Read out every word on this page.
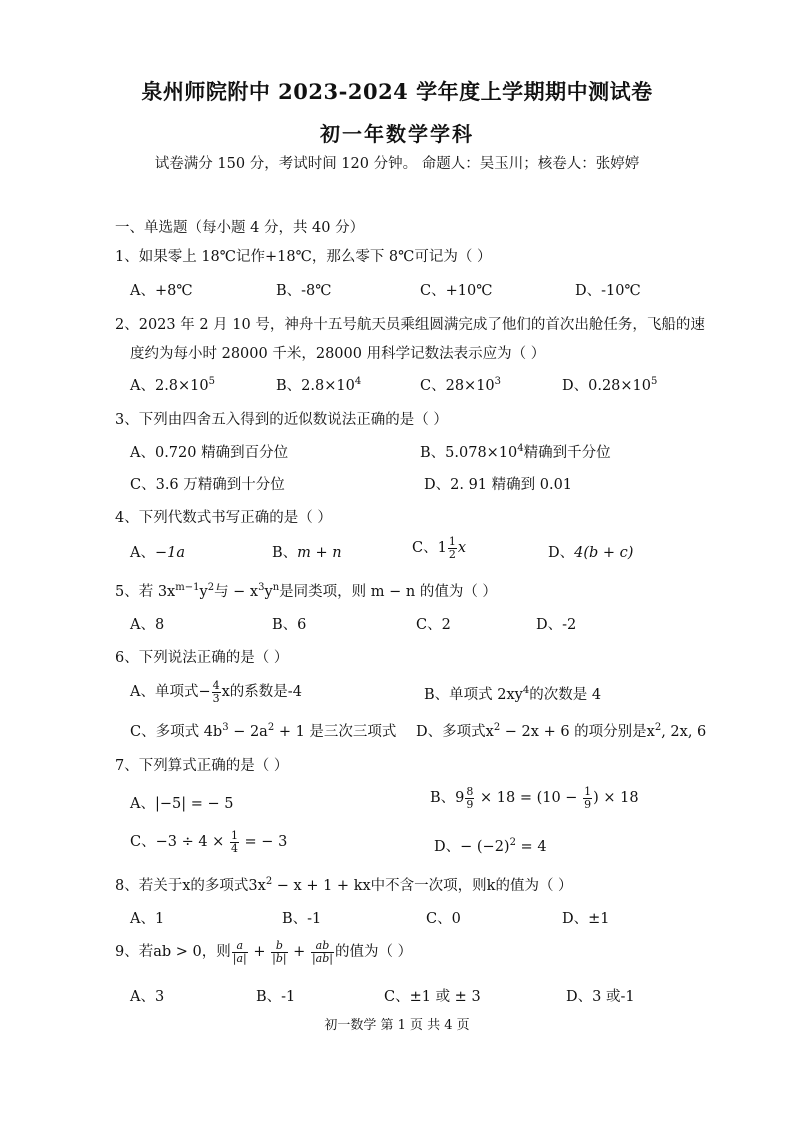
泉州师院附中 2023-2024 学年度上学期期中测试卷
初一年数学学科
试卷满分 150 分，考试时间 120 分钟。 命题人：吴玉川；核卷人：张婷婷
一、单选题（每小题 4 分，共 40 分）
1、如果零上 18℃记作+18℃，那么零下 8℃可记为（ ）
A、+8℃	B、-8℃	C、+10℃	D、-10℃
2、2023 年 2 月 10 号，神舟十五号航天员乘组圆满完成了他们的首次出舱任务，飞船的速
度约为每小时 28000 千米，28000 用科学记数法表示应为（ ）
A、$2.8\times 10^5$	B、$2.8\times 10^4$	C、$28\times 10^3$	D、$0.28\times 10^5$
3、下列由四舍五入得到的近似数说法正确的是（ ）
A、0.720 精确到百分位	B、$5.078\times 10^4$精确到千分位
C、3.6 万精确到十分位	D、2. 91 精确到 0.01
4、下列代数式书写正确的是（ ）
A、−1a	B、m + n	C、$1 \frac{1}{2}$ x	D、4(b + c)
5、若 $3x^{m-1}y^2$与 − $x^3y^n$是同类项，则 m − n 的值为（ ）
A、8	B、6	C、2	D、-2
6、下列说法正确的是（ ）
A、单项式− $\frac{4}{3}$ x的系数是-4	B、单项式 $2xy^4$的次数是 4
C、多项式 $4b^3 - 2a^2 + 1$ 是三次三项式 D、多项式$x^2 - 2x + 6$ 的项分别是$x^2$, 2x, 6
7、下列算式正确的是（ ）
A、|−5| = − 5	B、$9 \frac{8}{9} \times 18 = (10 - \frac{1}{9}$ ) × 18
C、$-3 \div 4 \times \frac{1}{4}$ = − 3	D、− $(-2)^2 = 4$
8、若关于x的多项式$3x^2 - x + 1$ + kx中不含一次项，则k的值为（ ）
A、1	B、-1	C、0	D、±1
9、若ab > 0，则 $\frac{a}{|a|} + \frac{b}{|b|} + \frac{ab}{|ab|}$ 的值为（ ）
A、3	B、-1	C、±1 或 ± 3	D、3 或-1
初一数学 第 1 页 共 4 页
